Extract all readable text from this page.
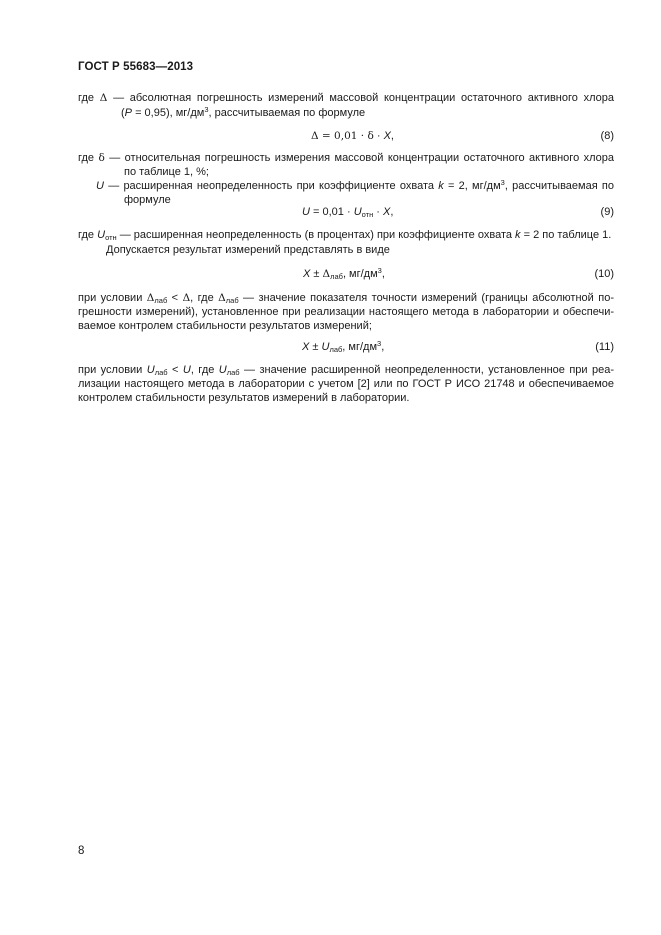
ГОСТ Р 55683—2013
где Δ — абсолютная погрешность измерений массовой концентрации остаточного активного хлора
(P = 0,95), $мг/дм^3$, рассчитываемая по формуле
Δ = 0,01 · δ · X,	(8)
где δ — относительная погрешность измерения массовой концентрации остаточного активного хлора
по таблице 1, %;
U — расширенная неопределенность при коэффициенте охвата k = 2, $мг/дм^3$, рассчитываемая по
формуле
$U = 0,01 \cdot U_{отн} \cdot X$,	(9)
где $U_{отн}$ — расширенная неопределенность (в процентах) при коэффициенте охвата k = 2 по таблице 1.
Допускается результат измерений представлять в виде
$X \pm \Delta_{лаб}$, $мг/дм^3$,	(10)
при условии $\Delta_{лаб} < \Delta$, где $\Delta_{лаб}$ — значение показателя точности измерений (границы абсолютной по-
грешности измерений), установленное при реализации настоящего метода в лаборатории и обеспечи-
ваемое контролем стабильности результатов измерений;
$X \pm U_{лаб}$, $мг/дм^3$,	(11)
при условии $U_{лаб} < U$, где $U_{лаб}$ — значение расширенной неопределенности, установленное при реа-
лизации настоящего метода в лаборатории с учетом [2] или по ГОСТ Р ИСО 21748 и обеспечиваемое
контролем стабильности результатов измерений в лаборатории.
8
